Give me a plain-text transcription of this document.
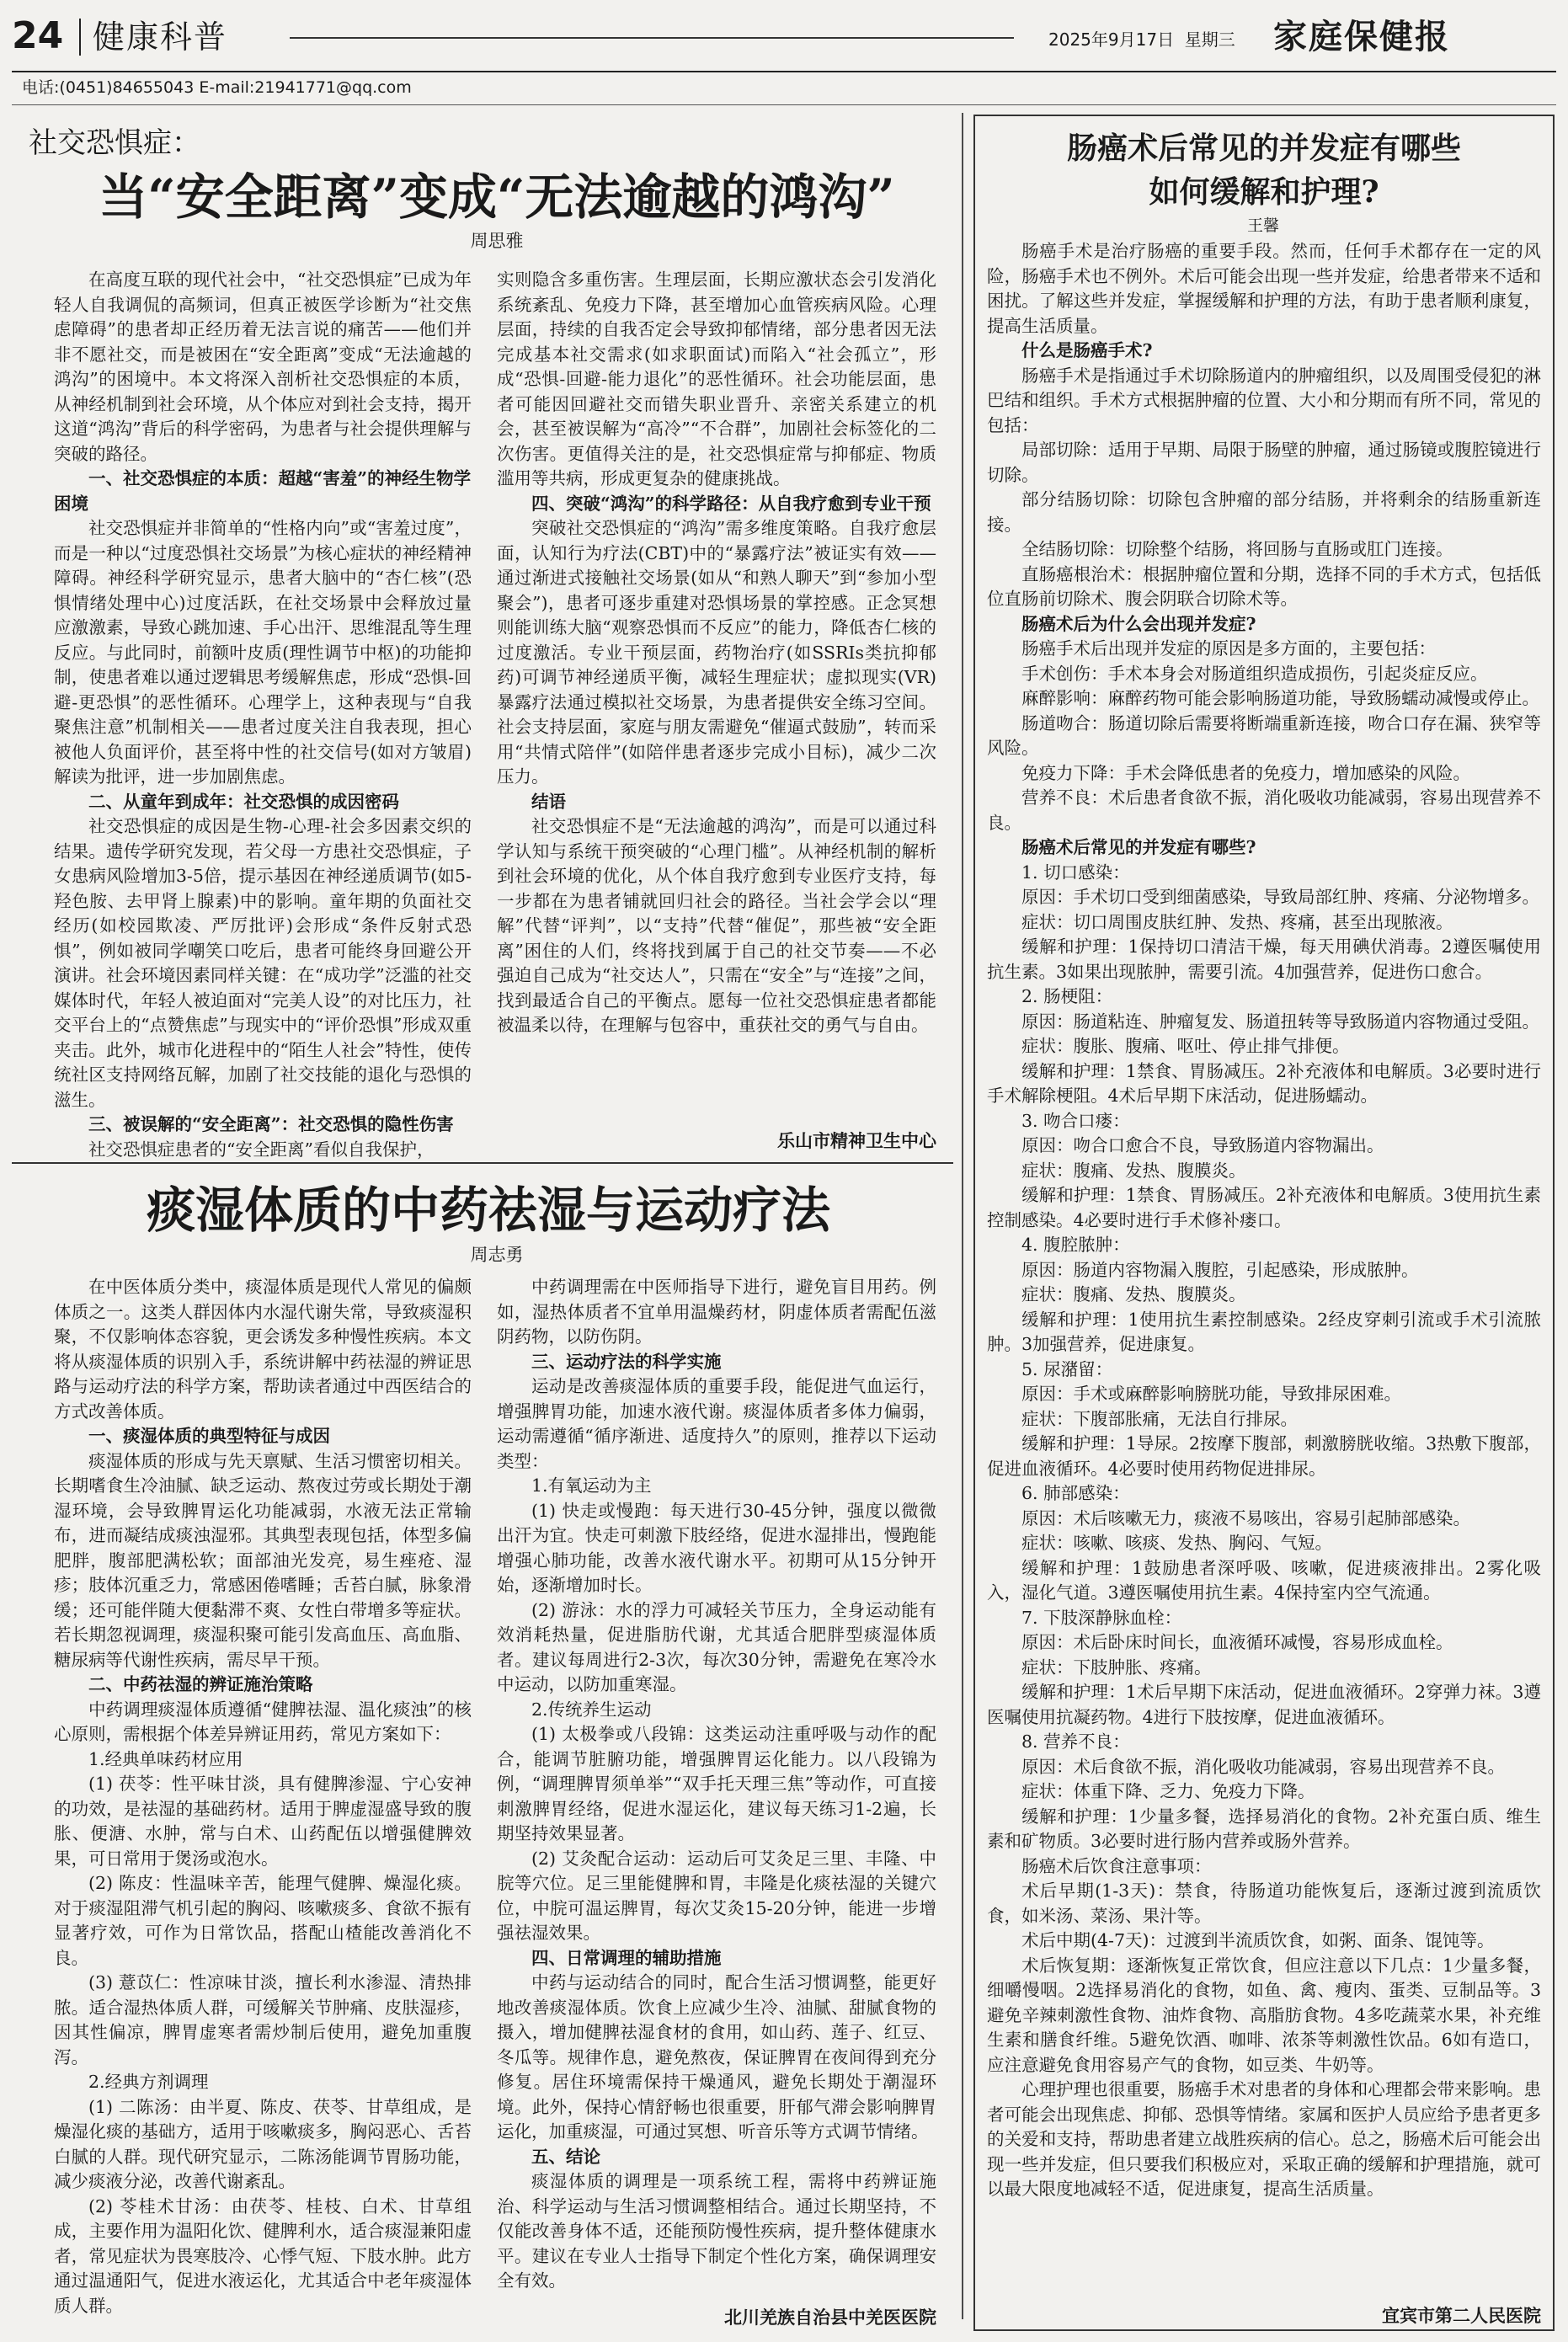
24 健康科普	2025年9月17日 星期三 家庭保健报
电话:(0451)84655043 E-mail:21941771@qq.com
社交恐惧症：
当“安全距离”变成“无法逾越的鸿沟”
周思雅

在高度互联的现代社会中，“社交恐惧症”已成为年轻人自我调侃的高频词，但真正被医学诊断为“社交焦虑障碍”的患者却正经历着无法言说的痛苦——他们并非不愿社交，而是被困在“安全距离”变成“无法逾越的鸿沟”的困境中。本文将深入剖析社交恐惧症的本质，从神经机制到社会环境，从个体应对到社会支持，揭开这道“鸿沟”背后的科学密码，为患者与社会提供理解与突破的路径。

一、社交恐惧症的本质：超越“害羞”的神经生物学困境

社交恐惧症并非简单的“性格内向”或“害羞过度”，而是一种以“过度恐惧社交场景”为核心症状的神经精神障碍。神经科学研究显示，患者大脑中的“杏仁核”(恐惧情绪处理中心)过度活跃，在社交场景中会释放过量应激激素，导致心跳加速、手心出汗、思维混乱等生理反应。与此同时，前额叶皮质(理性调节中枢)的功能抑制，使患者难以通过逻辑思考缓解焦虑，形成“恐惧-回避-更恐惧”的恶性循环。心理学上，这种表现与“自我聚焦注意”机制相关——患者过度关注自我表现，担心被他人负面评价，甚至将中性的社交信号(如对方皱眉)解读为批评，进一步加剧焦虑。

二、从童年到成年：社交恐惧的成因密码

社交恐惧症的成因是生物-心理-社会多因素交织的结果。遗传学研究发现，若父母一方患社交恐惧症，子女患病风险增加3-5倍，提示基因在神经递质调节(如5-羟色胺、去甲肾上腺素)中的影响。童年期的负面社交经历(如校园欺凌、严厉批评)会形成“条件反射式恐惧”，例如被同学嘲笑口吃后，患者可能终身回避公开演讲。社会环境因素同样关键：在“成功学”泛滥的社交媒体时代，年轻人被迫面对“完美人设”的对比压力，社交平台上的“点赞焦虑”与现实中的“评价恐惧”形成双重夹击。此外，城市化进程中的“陌生人社会”特性，使传统社区支持网络瓦解，加剧了社交技能的退化与恐惧的滋生。

三、被误解的“安全距离”：社交恐惧的隐性伤害

社交恐惧症患者的“安全距离”看似自我保护，

实则隐含多重伤害。生理层面，长期应激状态会引发消化系统紊乱、免疫力下降，甚至增加心血管疾病风险。心理层面，持续的自我否定会导致抑郁情绪，部分患者因无法完成基本社交需求(如求职面试)而陷入“社会孤立”，形成“恐惧-回避-能力退化”的恶性循环。社会功能层面，患者可能因回避社交而错失职业晋升、亲密关系建立的机会，甚至被误解为“高冷”“不合群”，加剧社会标签化的二次伤害。更值得关注的是，社交恐惧症常与抑郁症、物质滥用等共病，形成更复杂的健康挑战。

四、突破“鸿沟”的科学路径：从自我疗愈到专业干预

突破社交恐惧症的“鸿沟”需多维度策略。自我疗愈层面，认知行为疗法(CBT)中的“暴露疗法”被证实有效——通过渐进式接触社交场景(如从“和熟人聊天”到“参加小型聚会”)，患者可逐步重建对恐惧场景的掌控感。正念冥想则能训练大脑“观察恐惧而不反应”的能力，降低杏仁核的过度激活。专业干预层面，药物治疗(如SSRIs类抗抑郁药)可调节神经递质平衡，减轻生理症状；虚拟现实(VR)暴露疗法通过模拟社交场景，为患者提供安全练习空间。社会支持层面，家庭与朋友需避免“催逼式鼓励”，转而采用“共情式陪伴”(如陪伴患者逐步完成小目标)，减少二次压力。

结语

社交恐惧症不是“无法逾越的鸿沟”，而是可以通过科学认知与系统干预突破的“心理门槛”。从神经机制的解析到社会环境的优化，从个体自我疗愈到专业医疗支持，每一步都在为患者铺就回归社会的路径。当社会学会以“理解”代替“评判”，以“支持”代替“催促”，那些被“安全距离”困住的人们，终将找到属于自己的社交节奏——不必强迫自己成为“社交达人”，只需在“安全”与“连接”之间，找到最适合自己的平衡点。愿每一位社交恐惧症患者都能被温柔以待，在理解与包容中，重获社交的勇气与自由。

乐山市精神卫生中心
肠癌术后常见的并发症有哪些
如何缓解和护理?
王馨

肠癌手术是治疗肠癌的重要手段。然而，任何手术都存在一定的风险，肠癌手术也不例外。术后可能会出现一些并发症，给患者带来不适和困扰。了解这些并发症，掌握缓解和护理的方法，有助于患者顺利康复，提高生活质量。

什么是肠癌手术?

肠癌手术是指通过手术切除肠道内的肿瘤组织，以及周围受侵犯的淋巴结和组织。手术方式根据肿瘤的位置、大小和分期而有所不同，常见的包括：

局部切除：适用于早期、局限于肠壁的肿瘤，通过肠镜或腹腔镜进行切除。

部分结肠切除：切除包含肿瘤的部分结肠，并将剩余的结肠重新连接。

全结肠切除：切除整个结肠，将回肠与直肠或肛门连接。

直肠癌根治术：根据肿瘤位置和分期，选择不同的手术方式，包括低位直肠前切除术、腹会阴联合切除术等。

肠癌术后为什么会出现并发症?

肠癌手术后出现并发症的原因是多方面的，主要包括：

手术创伤：手术本身会对肠道组织造成损伤，引起炎症反应。

麻醉影响：麻醉药物可能会影响肠道功能，导致肠蠕动减慢或停止。

肠道吻合：肠道切除后需要将断端重新连接，吻合口存在漏、狭窄等风险。

免疫力下降：手术会降低患者的免疫力，增加感染的风险。

营养不良：术后患者食欲不振，消化吸收功能减弱，容易出现营养不良。

肠癌术后常见的并发症有哪些?

1. 切口感染：

原因：手术切口受到细菌感染，导致局部红肿、疼痛、分泌物增多。

症状：切口周围皮肤红肿、发热、疼痛，甚至出现脓液。

缓解和护理：1保持切口清洁干燥，每天用碘伏消毒。2遵医嘱使用抗生素。3如果出现脓肿，需要引流。4加强营养，促进伤口愈合。

2. 肠梗阻：

原因：肠道粘连、肿瘤复发、肠道扭转等导致肠道内容物通过受阻。

症状：腹胀、腹痛、呕吐、停止排气排便。

缓解和护理：1禁食、胃肠减压。2补充液体和电解质。3必要时进行手术解除梗阻。4术后早期下床活动，促进肠蠕动。

3. 吻合口瘘：

原因：吻合口愈合不良，导致肠道内容物漏出。

症状：腹痛、发热、腹膜炎。

缓解和护理：1禁食、胃肠减压。2补充液体和电解质。3使用抗生素控制感染。4必要时进行手术修补瘘口。

4. 腹腔脓肿：

原因：肠道内容物漏入腹腔，引起感染，形成脓肿。

症状：腹痛、发热、腹膜炎。

缓解和护理：1使用抗生素控制感染。2经皮穿刺引流或手术引流脓肿。3加强营养，促进康复。

5. 尿潴留：

原因：手术或麻醉影响膀胱功能，导致排尿困难。

症状：下腹部胀痛，无法自行排尿。

缓解和护理：1导尿。2按摩下腹部，刺激膀胱收缩。3热敷下腹部，促进血液循环。4必要时使用药物促进排尿。

6. 肺部感染：

原因：术后咳嗽无力，痰液不易咳出，容易引起肺部感染。

症状：咳嗽、咳痰、发热、胸闷、气短。

缓解和护理：1鼓励患者深呼吸、咳嗽，促进痰液排出。2雾化吸入，湿化气道。3遵医嘱使用抗生素。4保持室内空气流通。

7. 下肢深静脉血栓：

原因：术后卧床时间长，血液循环减慢，容易形成血栓。

症状：下肢肿胀、疼痛。

缓解和护理：1术后早期下床活动，促进血液循环。2穿弹力袜。3遵医嘱使用抗凝药物。4进行下肢按摩，促进血液循环。

8. 营养不良：

原因：术后食欲不振，消化吸收功能减弱，容易出现营养不良。

症状：体重下降、乏力、免疫力下降。

缓解和护理：1少量多餐，选择易消化的食物。2补充蛋白质、维生素和矿物质。3必要时进行肠内营养或肠外营养。

肠癌术后饮食注意事项：

术后早期(1-3天)：禁食，待肠道功能恢复后，逐渐过渡到流质饮食，如米汤、菜汤、果汁等。

术后中期(4-7天)：过渡到半流质饮食，如粥、面条、馄饨等。

术后恢复期：逐渐恢复正常饮食，但应注意以下几点：1少量多餐，细嚼慢咽。2选择易消化的食物，如鱼、禽、瘦肉、蛋类、豆制品等。3避免辛辣刺激性食物、油炸食物、高脂肪食物。4多吃蔬菜水果，补充维生素和膳食纤维。5避免饮酒、咖啡、浓茶等刺激性饮品。6如有造口，应注意避免食用容易产气的食物，如豆类、牛奶等。

心理护理也很重要，肠癌手术对患者的身体和心理都会带来影响。患者可能会出现焦虑、抑郁、恐惧等情绪。家属和医护人员应给予患者更多的关爱和支持，帮助患者建立战胜疾病的信心。总之，肠癌术后可能会出现一些并发症，但只要我们积极应对，采取正确的缓解和护理措施，就可以最大限度地减轻不适，促进康复，提高生活质量。

宜宾市第二人民医院
痰湿体质的中药祛湿与运动疗法
周志勇

在中医体质分类中，痰湿体质是现代人常见的偏颇体质之一。这类人群因体内水湿代谢失常，导致痰湿积聚，不仅影响体态容貌，更会诱发多种慢性疾病。本文将从痰湿体质的识别入手，系统讲解中药祛湿的辨证思路与运动疗法的科学方案，帮助读者通过中西医结合的方式改善体质。

一、痰湿体质的典型特征与成因

痰湿体质的形成与先天禀赋、生活习惯密切相关。长期嗜食生冷油腻、缺乏运动、熬夜过劳或长期处于潮湿环境，会导致脾胃运化功能减弱，水液无法正常输布，进而凝结成痰浊湿邪。其典型表现包括，体型多偏肥胖，腹部肥满松软；面部油光发亮，易生痤疮、湿疹；肢体沉重乏力，常感困倦嗜睡；舌苔白腻，脉象滑缓；还可能伴随大便黏滞不爽、女性白带增多等症状。若长期忽视调理，痰湿积聚可能引发高血压、高血脂、糖尿病等代谢性疾病，需尽早干预。

二、中药祛湿的辨证施治策略

中药调理痰湿体质遵循“健脾祛湿、温化痰浊”的核心原则，需根据个体差异辨证用药，常见方案如下：

1.经典单味药材应用

(1) 茯苓：性平味甘淡，具有健脾渗湿、宁心安神的功效，是祛湿的基础药材。适用于脾虚湿盛导致的腹胀、便溏、水肿，常与白术、山药配伍以增强健脾效果，可日常用于煲汤或泡水。

(2) 陈皮：性温味辛苦，能理气健脾、燥湿化痰。对于痰湿阻滞气机引起的胸闷、咳嗽痰多、食欲不振有显著疗效，可作为日常饮品，搭配山楂能改善消化不良。

(3) 薏苡仁：性凉味甘淡，擅长利水渗湿、清热排脓。适合湿热体质人群，可缓解关节肿痛、皮肤湿疹，因其性偏凉，脾胃虚寒者需炒制后使用，避免加重腹泻。

2.经典方剂调理

(1) 二陈汤：由半夏、陈皮、茯苓、甘草组成，是燥湿化痰的基础方，适用于咳嗽痰多，胸闷恶心、舌苔白腻的人群。现代研究显示，二陈汤能调节胃肠功能，减少痰液分泌，改善代谢紊乱。

(2) 苓桂术甘汤：由茯苓、桂枝、白术、甘草组成，主要作用为温阳化饮、健脾利水，适合痰湿兼阳虚者，常见症状为畏寒肢冷、心悸气短、下肢水肿。此方通过温通阳气，促进水液运化，尤其适合中老年痰湿体质人群。

中药调理需在中医师指导下进行，避免盲目用药。例如，湿热体质者不宜单用温燥药材，阴虚体质者需配伍滋阴药物，以防伤阴。

三、运动疗法的科学实施

运动是改善痰湿体质的重要手段，能促进气血运行，增强脾胃功能，加速水液代谢。痰湿体质者多体力偏弱，运动需遵循“循序渐进、适度持久”的原则，推荐以下运动类型：

1.有氧运动为主

(1) 快走或慢跑：每天进行30-45分钟，强度以微微出汗为宜。快走可刺激下肢经络，促进水湿排出，慢跑能增强心肺功能，改善水液代谢水平。初期可从15分钟开始，逐渐增加时长。

(2) 游泳：水的浮力可减轻关节压力，全身运动能有效消耗热量，促进脂肪代谢，尤其适合肥胖型痰湿体质者。建议每周进行2-3次，每次30分钟，需避免在寒冷水中运动，以防加重寒湿。

2.传统养生运动

(1) 太极拳或八段锦：这类运动注重呼吸与动作的配合，能调节脏腑功能，增强脾胃运化能力。以八段锦为例，“调理脾胃须单举”“双手托天理三焦”等动作，可直接刺激脾胃经络，促进水湿运化，建议每天练习1-2遍，长期坚持效果显著。

(2) 艾灸配合运动：运动后可艾灸足三里、丰隆、中脘等穴位。足三里能健脾和胃，丰隆是化痰祛湿的关键穴位，中脘可温运脾胃，每次艾灸15-20分钟，能进一步增强祛湿效果。

四、日常调理的辅助措施

中药与运动结合的同时，配合生活习惯调整，能更好地改善痰湿体质。饮食上应减少生冷、油腻、甜腻食物的摄入，增加健脾祛湿食材的食用，如山药、莲子、红豆、冬瓜等。规律作息，避免熬夜，保证脾胃在夜间得到充分修复。居住环境需保持干燥通风，避免长期处于潮湿环境。此外，保持心情舒畅也很重要，肝郁气滞会影响脾胃运化，加重痰湿，可通过冥想、听音乐等方式调节情绪。

五、结论

痰湿体质的调理是一项系统工程，需将中药辨证施治、科学运动与生活习惯调整相结合。通过长期坚持，不仅能改善身体不适，还能预防慢性疾病，提升整体健康水平。建议在专业人士指导下制定个性化方案，确保调理安全有效。

北川羌族自治县中羌医医院
